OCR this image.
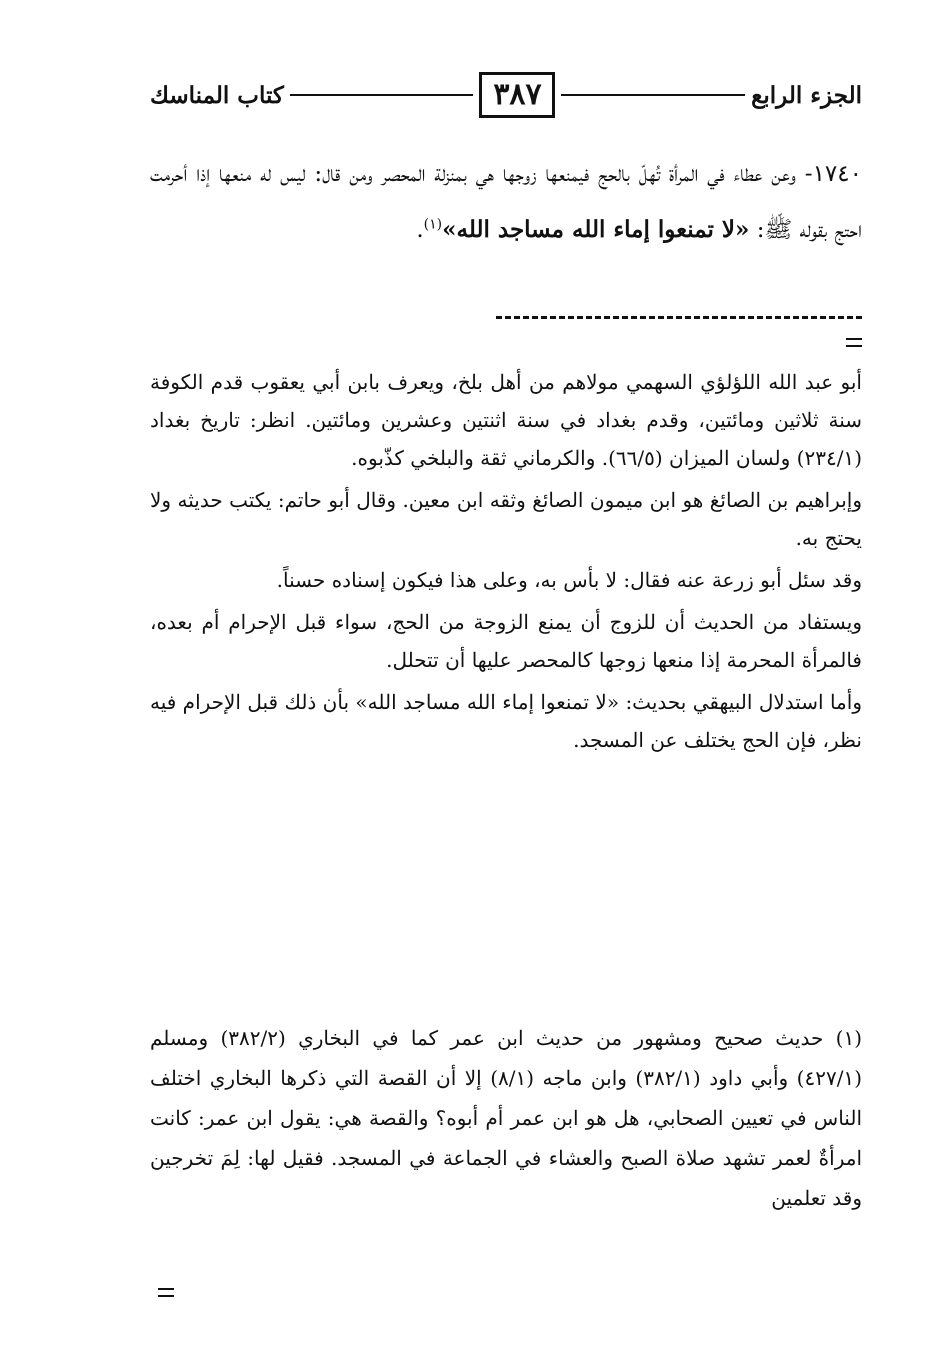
الجزء الرابع
٣٨٧
كتاب المناسك
١٧٤٠- وعن عطاء في المرأة تُهلّ بالحج فيمنعها زوجها هي بمنزلة المحصر ومن قال: ليس له منعها إذا أحرمت احتج بقوله ﷺ: «لا تمنعوا إماء الله مساجد الله»$^{(١)}$.

أبو عبد الله اللؤلؤي السهمي مولاهم من أهل بلخ، ويعرف بابن أبي يعقوب قدم الكوفة سنة ثلاثين ومائتين، وقدم بغداد في سنة اثنتين وعشرين ومائتين. انظر: تاريخ بغداد (٢٣٤/١) ولسان الميزان (٦٦/٥). والكرماني ثقة والبلخي كذّبوه.

وإبراهيم بن الصائغ هو ابن ميمون الصائغ وثقه ابن معين. وقال أبو حاتم: يكتب حديثه ولا يحتج به.

وقد سئل أبو زرعة عنه فقال: لا بأس به، وعلى هذا فيكون إسناده حسناً.

ويستفاد من الحديث أن للزوج أن يمنع الزوجة من الحج، سواء قبل الإحرام أم بعده، فالمرأة المحرمة إذا منعها زوجها كالمحصر عليها أن تتحلل.

وأما استدلال البيهقي بحديث: «لا تمنعوا إماء الله مساجد الله» بأن ذلك قبل الإحرام فيه نظر، فإن الحج يختلف عن المسجد.

(١) حديث صحيح ومشهور من حديث ابن عمر كما في البخاري (٣٨٢/٢) ومسلم (٤٢٧/١) وأبي داود (٣٨٢/١) وابن ماجه (٨/١) إلا أن القصة التي ذكرها البخاري اختلف الناس في تعيين الصحابي، هل هو ابن عمر أم أبوه؟ والقصة هي: يقول ابن عمر: كانت امرأةٌ لعمر تشهد صلاة الصبح والعشاء في الجماعة في المسجد. فقيل لها: لِمَ تخرجين وقد تعلمين
